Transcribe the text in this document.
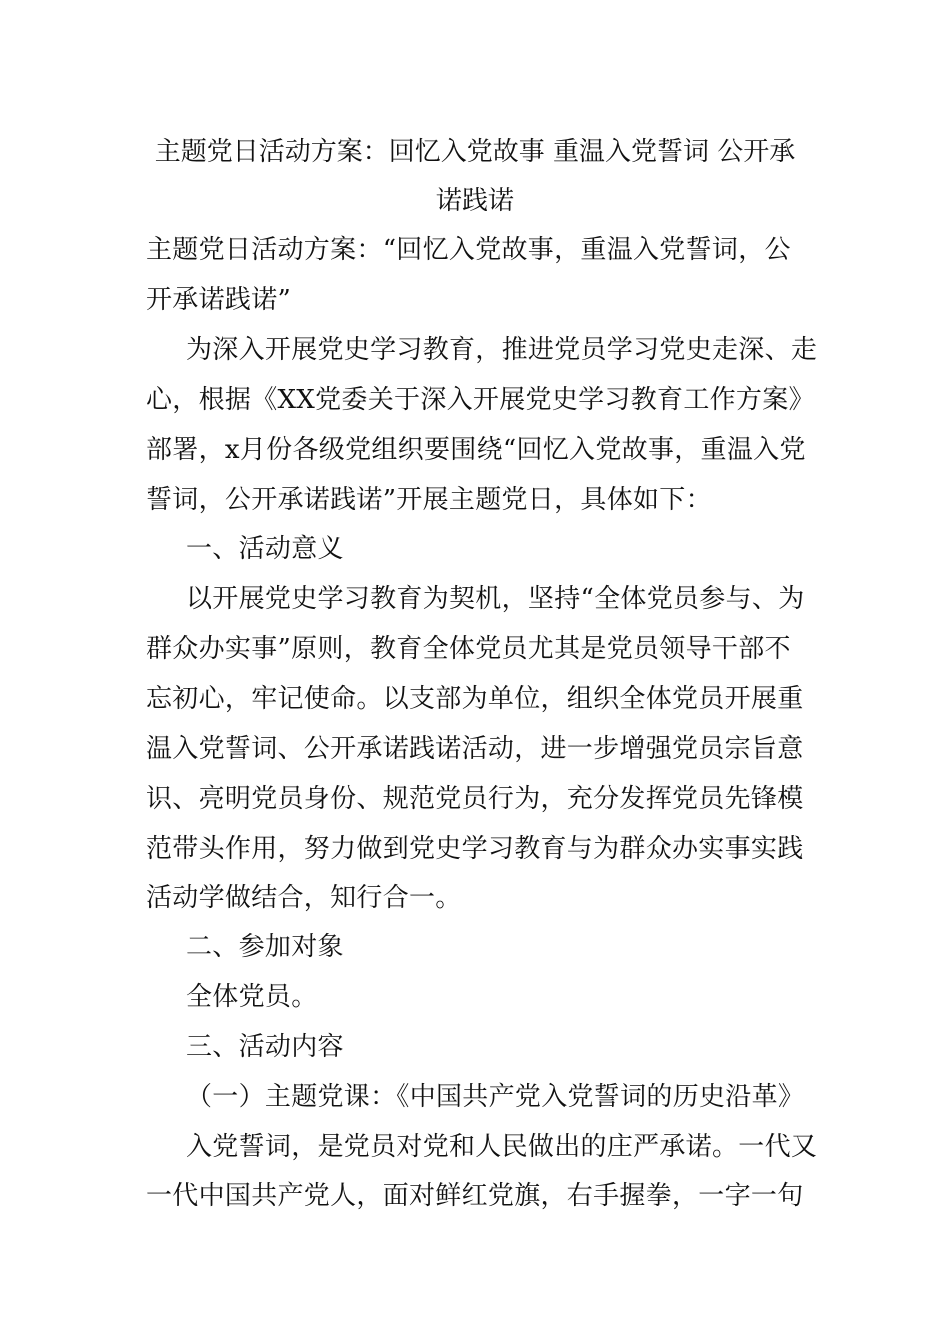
主题党日活动方案：回忆入党故事 重温入党誓词 公开承
诺践诺
主题党日活动方案：“回忆入党故事，重温入党誓词，公
开承诺践诺”
为深入开展党史学习教育，推进党员学习党史走深、走
心，根据《XX党委关于深入开展党史学习教育工作方案》
部署，x月份各级党组织要围绕“回忆入党故事，重温入党
誓词，公开承诺践诺”开展主题党日，具体如下：
一、活动意义
以开展党史学习教育为契机，坚持“全体党员参与、为
群众办实事”原则，教育全体党员尤其是党员领导干部不
忘初心，牢记使命。以支部为单位，组织全体党员开展重
温入党誓词、公开承诺践诺活动，进一步增强党员宗旨意
识、亮明党员身份、规范党员行为，充分发挥党员先锋模
范带头作用，努力做到党史学习教育与为群众办实事实践
活动学做结合，知行合一。
二、参加对象
全体党员。
三、活动内容
（一）主题党课：《中国共产党入党誓词的历史沿革》
入党誓词，是党员对党和人民做出的庄严承诺。一代又
一代中国共产党人，面对鲜红党旗，右手握拳，一字一句
